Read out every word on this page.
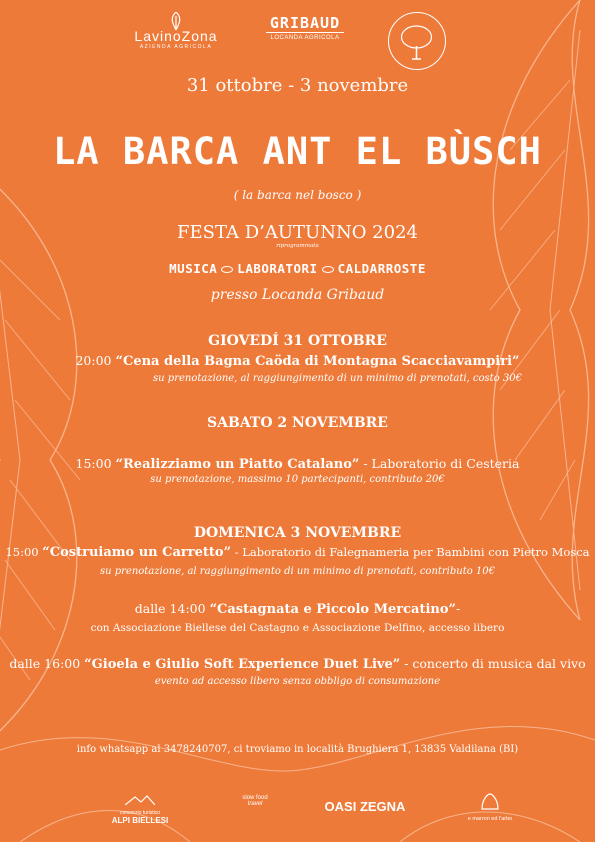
LavinoZona
AZIENDA AGRICOLA
GRIBAUD
LOCANDA AGRICOLA
31 ottobre - 3 novembre
LA BARCA ANT EL BÙSCH
( la barca nel bosco )
FESTA D’AUTUNNO 2024
riprogrammata
MUSICA LABORATORI CALDARROSTE
presso Locanda Gribaud
GIOVEDÍ 31 OTTOBRE
20:00 “Cena della Bagna Caöda di Montagna Scacciavampiri”
su prenotazione, al raggiungimento di un minimo di prenotati, costo 30€
SABATO 2 NOVEMBRE
15:00 “Realizziamo un Piatto Catalano” - Laboratorio di Cesteria
su prenotazione, massimo 10 partecipanti, contributo 20€
DOMENICA 3 NOVEMBRE
15:00 “Costruiamo un Carretto” - Laboratorio di Falegnameria per Bambini con Pietro Mosca
su prenotazione, al raggiungimento di un minimo di prenotati, contributo 10€
dalle 14:00 “Castagnata e Piccolo Mercatino”-
con Associazione Biellese del Castagno e Associazione Delfino, accesso libero
dalle 16:00 “Gioela e Giulio Soft Experience Duet Live” - concerto di musica dal vivo
evento ad accesso libero senza obbligo di consumazione
info whatsapp al 3478240707, ci troviamo in località Brughiera 1, 13835 Valdilana (BI)
consorzio turistico
ALPI BIELLESI
slow food
travel	OASI ZEGNA
e marron ed l'arbo
